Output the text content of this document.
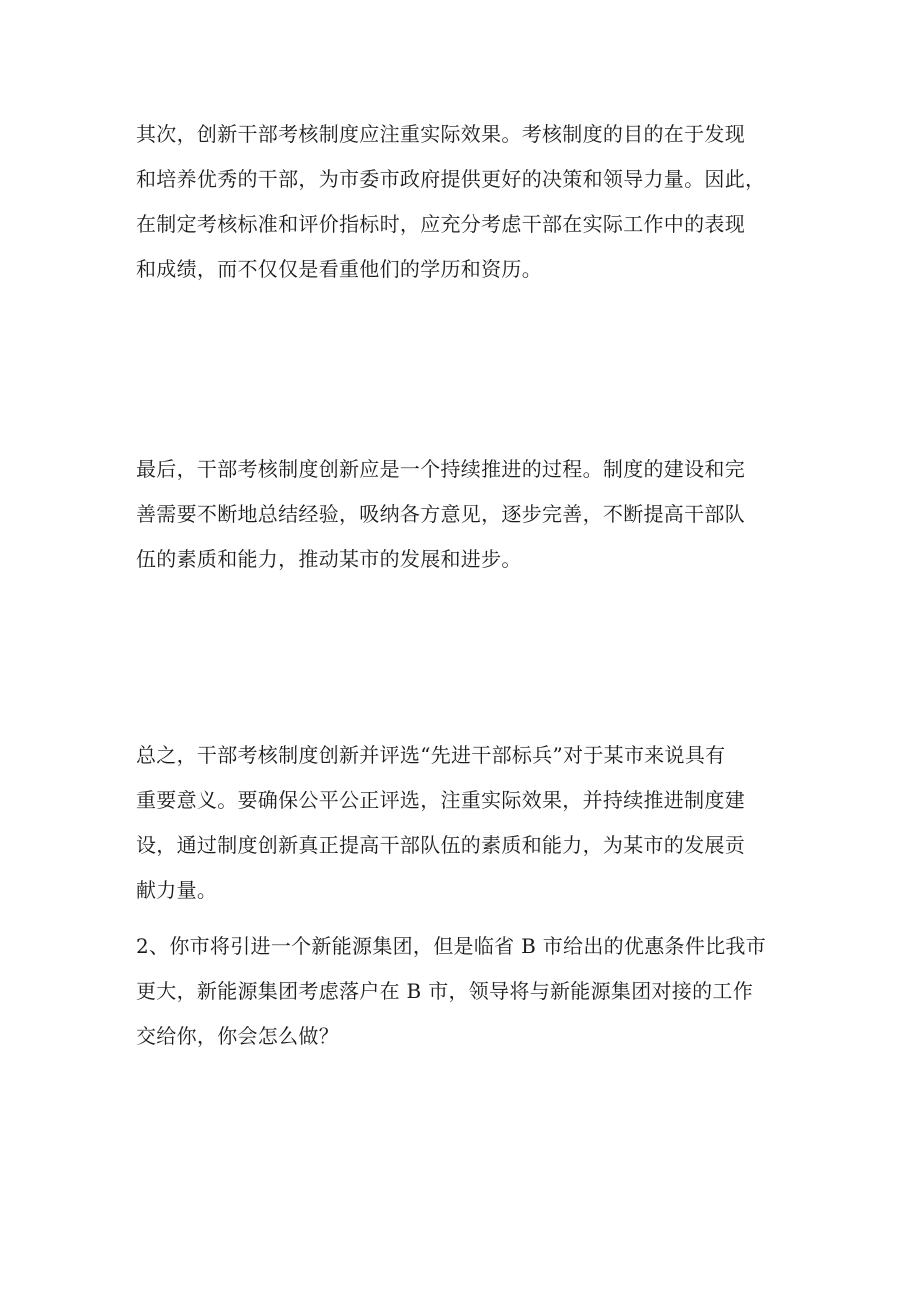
其次，创新干部考核制度应注重实际效果。考核制度的目的在于发现
和培养优秀的干部，为市委市政府提供更好的决策和领导力量。因此，
在制定考核标准和评价指标时，应充分考虑干部在实际工作中的表现
和成绩，而不仅仅是看重他们的学历和资历。
最后，干部考核制度创新应是一个持续推进的过程。制度的建设和完
善需要不断地总结经验，吸纳各方意见，逐步完善，不断提高干部队
伍的素质和能力，推动某市的发展和进步。
总之，干部考核制度创新并评选“先进干部标兵”对于某市来说具有
重要意义。要确保公平公正评选，注重实际效果，并持续推进制度建
设，通过制度创新真正提高干部队伍的素质和能力，为某市的发展贡
献力量。
2、你市将引进一个新能源集团，但是临省 B 市给出的优惠条件比我市
更大，新能源集团考虑落户在 B 市，领导将与新能源集团对接的工作
交给你，你会怎么做？
